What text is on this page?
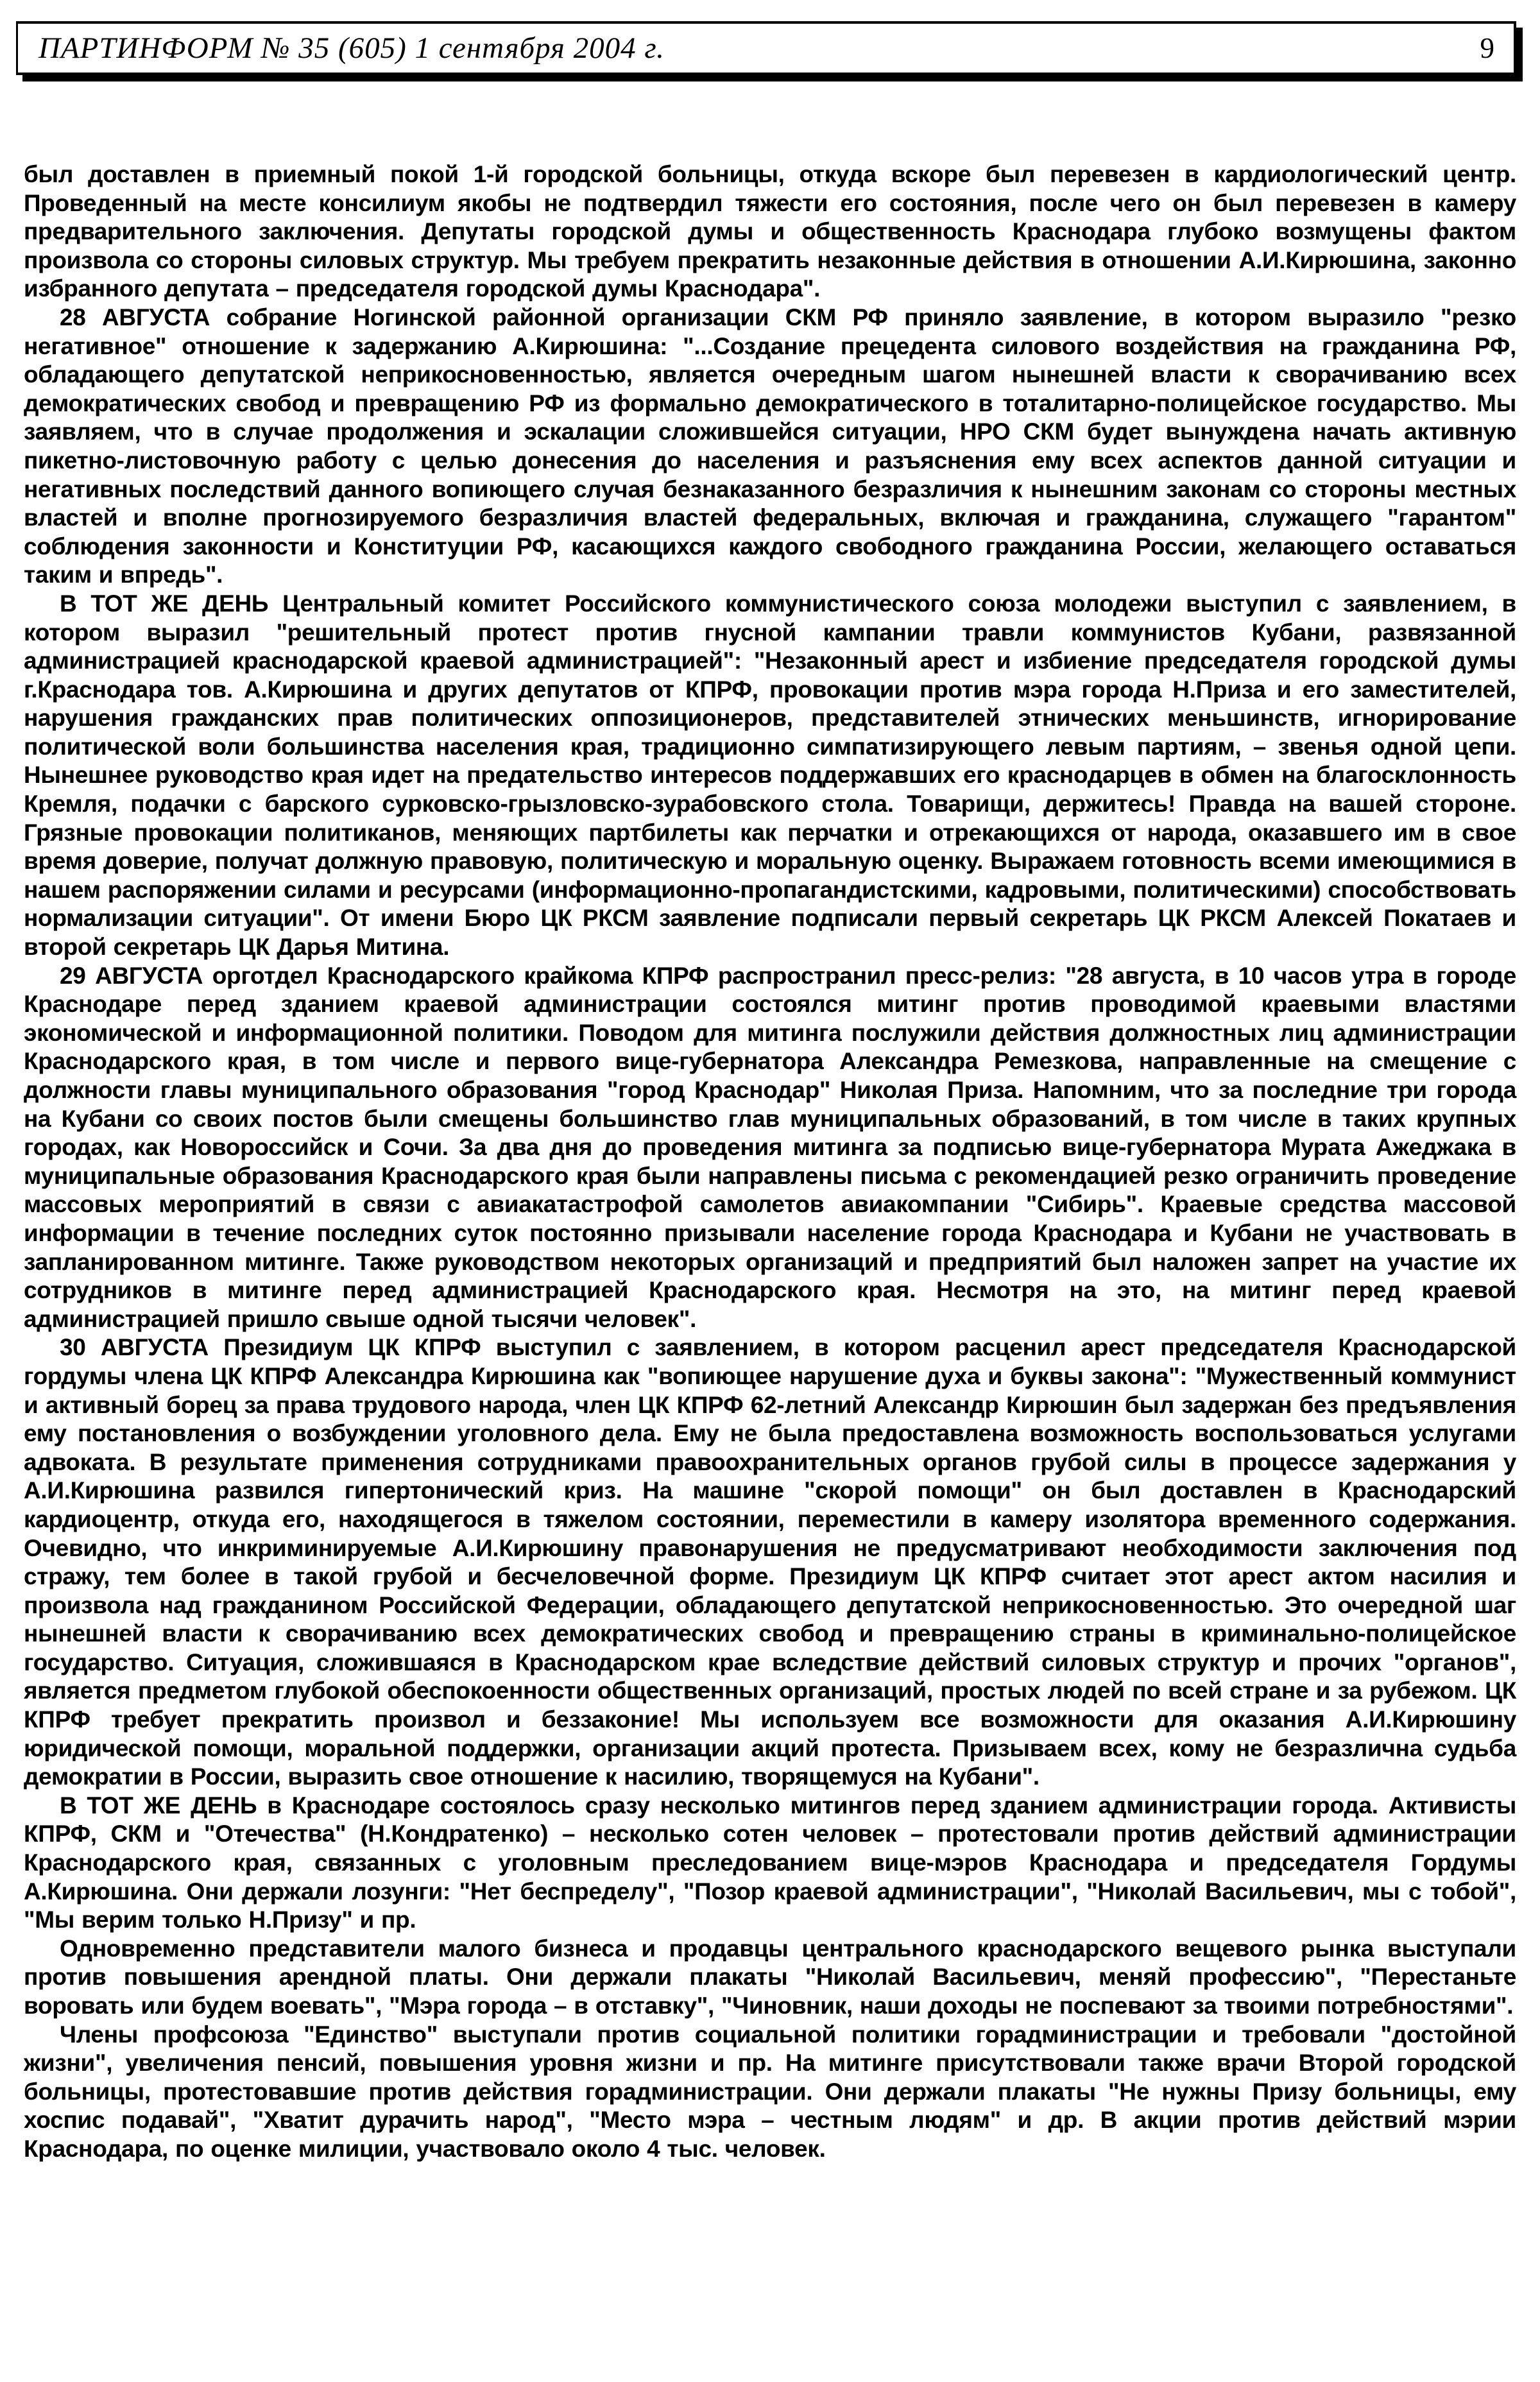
ПАРТИНФОРМ № 35 (605) 1 сентября 2004 г.	9

был доставлен в приемный покой 1-й городской больницы, откуда вскоре был перевезен в кардиологический центр. Проведенный на месте консилиум якобы не подтвердил тяжести его состояния, после чего он был перевезен в камеру предварительного заключения. Депутаты городской думы и общественность Краснодара глубоко возмущены фактом произвола со стороны силовых структур. Мы требуем прекратить незаконные действия в отношении А.И.Кирюшина, законно избранного депутата – председателя городской думы Краснодара".

28 АВГУСТА собрание Ногинской районной организации СКМ РФ приняло заявление, в котором выразило "резко негативное" отношение к задержанию А.Кирюшина: "...Создание прецедента силового воздействия на гражданина РФ, обладающего депутатской неприкосновенностью, является очередным шагом нынешней власти к сворачиванию всех демократических свобод и превращению РФ из формально демократического в тоталитарно-полицейское государство. Мы заявляем, что в случае продолжения и эскалации сложившейся ситуации, НРО СКМ будет вынуждена начать активную пикетно-листовочную работу с целью донесения до населения и разъяснения ему всех аспектов данной ситуации и негативных последствий данного вопиющего случая безнаказанного безразличия к нынешним законам со стороны местных властей и вполне прогнозируемого безразличия властей федеральных, включая и гражданина, служащего "гарантом" соблюдения законности и Конституции РФ, касающихся каждого свободного гражданина России, желающего оставаться таким и впредь".

В ТОТ ЖЕ ДЕНЬ Центральный комитет Российского коммунистического союза молодежи выступил с заявлением, в котором выразил "решительный протест против гнусной кампании травли коммунистов Кубани, развязанной администрацией краснодарской краевой администрацией": "Незаконный арест и избиение председателя городской думы г.Краснодара тов. А.Кирюшина и других депутатов от КПРФ, провокации против мэра города Н.Приза и его заместителей, нарушения гражданских прав политических оппозиционеров, представителей этнических меньшинств, игнорирование политической воли большинства населения края, традиционно симпатизирующего левым партиям, – звенья одной цепи. Нынешнее руководство края идет на предательство интересов поддержавших его краснодарцев в обмен на благосклонность Кремля, подачки с барского сурковско-грызловско-зурабовского стола. Товарищи, держитесь! Правда на вашей стороне. Грязные провокации политиканов, меняющих партбилеты как перчатки и отрекающихся от народа, оказавшего им в свое время доверие, получат должную правовую, политическую и моральную оценку. Выражаем готовность всеми имеющимися в нашем распоряжении силами и ресурсами (информационно-пропагандистскими, кадровыми, политическими) способствовать нормализации ситуации". От имени Бюро ЦК РКСМ заявление подписали первый секретарь ЦК РКСМ Алексей Покатаев и второй секретарь ЦК Дарья Митина.

29 АВГУСТА орготдел Краснодарского крайкома КПРФ распространил пресс-релиз: "28 августа, в 10 часов утра в городе Краснодаре перед зданием краевой администрации состоялся митинг против проводимой краевыми властями экономической и информационной политики. Поводом для митинга послужили действия должностных лиц администрации Краснодарского края, в том числе и первого вице-губернатора Александра Ремезкова, направленные на смещение с должности главы муниципального образования "город Краснодар" Николая Приза. Напомним, что за последние три города на Кубани со своих постов были смещены большинство глав муниципальных образований, в том числе в таких крупных городах, как Новороссийск и Сочи. За два дня до проведения митинга за подписью вице-губернатора Мурата Ажеджака в муниципальные образования Краснодарского края были направлены письма с рекомендацией резко ограничить проведение массовых мероприятий в связи с авиакатастрофой самолетов авиакомпании "Сибирь". Краевые средства массовой информации в течение последних суток постоянно призывали население города Краснодара и Кубани не участвовать в запланированном митинге. Также руководством некоторых организаций и предприятий был наложен запрет на участие их сотрудников в митинге перед администрацией Краснодарского края. Несмотря на это, на митинг перед краевой администрацией пришло свыше одной тысячи человек".

30 АВГУСТА Президиум ЦК КПРФ выступил с заявлением, в котором расценил арест председателя Краснодарской гордумы члена ЦК КПРФ Александра Кирюшина как "вопиющее нарушение духа и буквы закона": "Мужественный коммунист и активный борец за права трудового народа, член ЦК КПРФ 62-летний Александр Кирюшин был задержан без предъявления ему постановления о возбуждении уголовного дела. Ему не была предоставлена возможность воспользоваться услугами адвоката. В результате применения сотрудниками правоохранительных органов грубой силы в процессе задержания у А.И.Кирюшина развился гипертонический криз. На машине "скорой помощи" он был доставлен в Краснодарский кардиоцентр, откуда его, находящегося в тяжелом состоянии, переместили в камеру изолятора временного содержания. Очевидно, что инкриминируемые А.И.Кирюшину правонарушения не предусматривают необходимости заключения под стражу, тем более в такой грубой и бесчеловечной форме. Президиум ЦК КПРФ считает этот арест актом насилия и произвола над гражданином Российской Федерации, обладающего депутатской неприкосновенностью. Это очередной шаг нынешней власти к сворачиванию всех демократических свобод и превращению страны в криминально-полицейское государство. Ситуация, сложившаяся в Краснодарском крае вследствие действий силовых структур и прочих "органов", является предметом глубокой обеспокоенности общественных организаций, простых людей по всей стране и за рубежом. ЦК КПРФ требует прекратить произвол и беззаконие! Мы используем все возможности для оказания А.И.Кирюшину юридической помощи, моральной поддержки, организации акций протеста. Призываем всех, кому не безразлична судьба демократии в России, выразить свое отношение к насилию, творящемуся на Кубани".

В ТОТ ЖЕ ДЕНЬ в Краснодаре состоялось сразу несколько митингов перед зданием администрации города. Активисты КПРФ, СКМ и "Отечества" (Н.Кондратенко) – несколько сотен человек – протестовали против действий администрации Краснодарского края, связанных с уголовным преследованием вице-мэров Краснодара и председателя Гордумы А.Кирюшина. Они держали лозунги: "Нет беспределу", "Позор краевой администрации", "Николай Васильевич, мы с тобой", "Мы верим только Н.Призу" и пр.

Одновременно представители малого бизнеса и продавцы центрального краснодарского вещевого рынка выступали против повышения арендной платы. Они держали плакаты "Николай Васильевич, меняй профессию", "Перестаньте воровать или будем воевать", "Мэра города – в отставку", "Чиновник, наши доходы не поспевают за твоими потребностями".

Члены профсоюза "Единство" выступали против социальной политики горадминистрации и требовали "достойной жизни", увеличения пенсий, повышения уровня жизни и пр. На митинге присутствовали также врачи Второй городской больницы, протестовавшие против действия горадминистрации. Они держали плакаты "Не нужны Призу больницы, ему хоспис подавай", "Хватит дурачить народ", "Место мэра – честным людям" и др. В акции против действий мэрии Краснодара, по оценке милиции, участвовало около 4 тыс. человек.
